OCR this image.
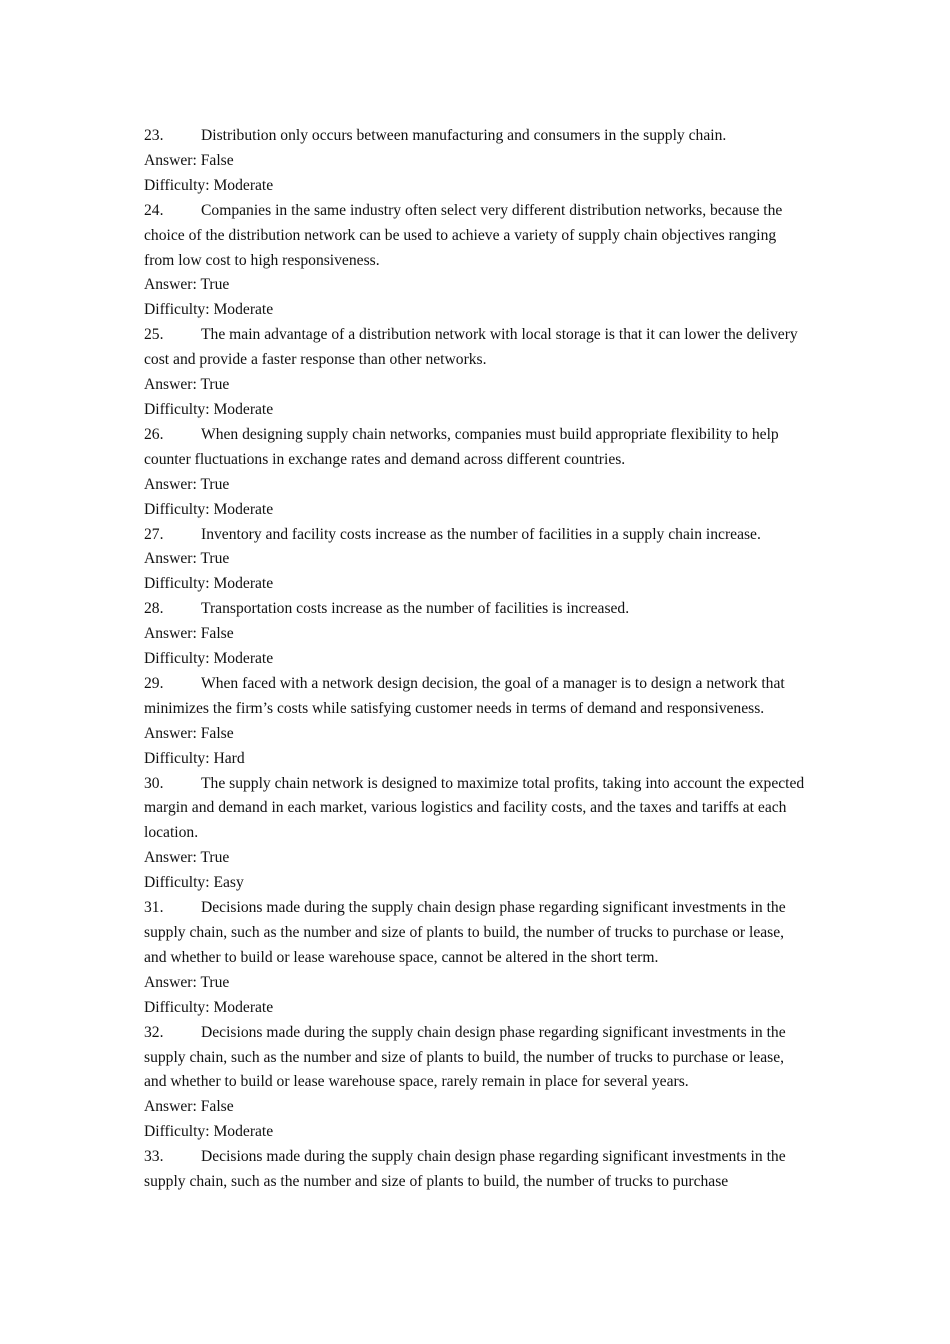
23. Distribution only occurs between manufacturing and consumers in the supply chain.

Answer: False

Difficulty: Moderate

24. Companies in the same industry often select very different distribution networks, because the choice of the distribution network can be used to achieve a variety of supply chain objectives ranging from low cost to high responsiveness.

Answer: True

Difficulty: Moderate

25. The main advantage of a distribution network with local storage is that it can lower the delivery cost and provide a faster response than other networks.

Answer: True

Difficulty: Moderate

26. When designing supply chain networks, companies must build appropriate flexibility to help counter fluctuations in exchange rates and demand across different countries.

Answer: True

Difficulty: Moderate

27. Inventory and facility costs increase as the number of facilities in a supply chain increase.

Answer: True

Difficulty: Moderate

28. Transportation costs increase as the number of facilities is increased.

Answer: False

Difficulty: Moderate

29. When faced with a network design decision, the goal of a manager is to design a network that minimizes the firm’s costs while satisfying customer needs in terms of demand and responsiveness.

Answer: False

Difficulty: Hard

30. The supply chain network is designed to maximize total profits, taking into account the expected margin and demand in each market, various logistics and facility costs, and the taxes and tariffs at each location.

Answer: True

Difficulty: Easy

31. Decisions made during the supply chain design phase regarding significant investments in the supply chain, such as the number and size of plants to build, the number of trucks to purchase or lease, and whether to build or lease warehouse space, cannot be altered in the short term.

Answer: True

Difficulty: Moderate

32. Decisions made during the supply chain design phase regarding significant investments in the supply chain, such as the number and size of plants to build, the number of trucks to purchase or lease, and whether to build or lease warehouse space, rarely remain in place for several years.

Answer: False

Difficulty: Moderate

33. Decisions made during the supply chain design phase regarding significant investments in the supply chain, such as the number and size of plants to build, the number of trucks to purchase
